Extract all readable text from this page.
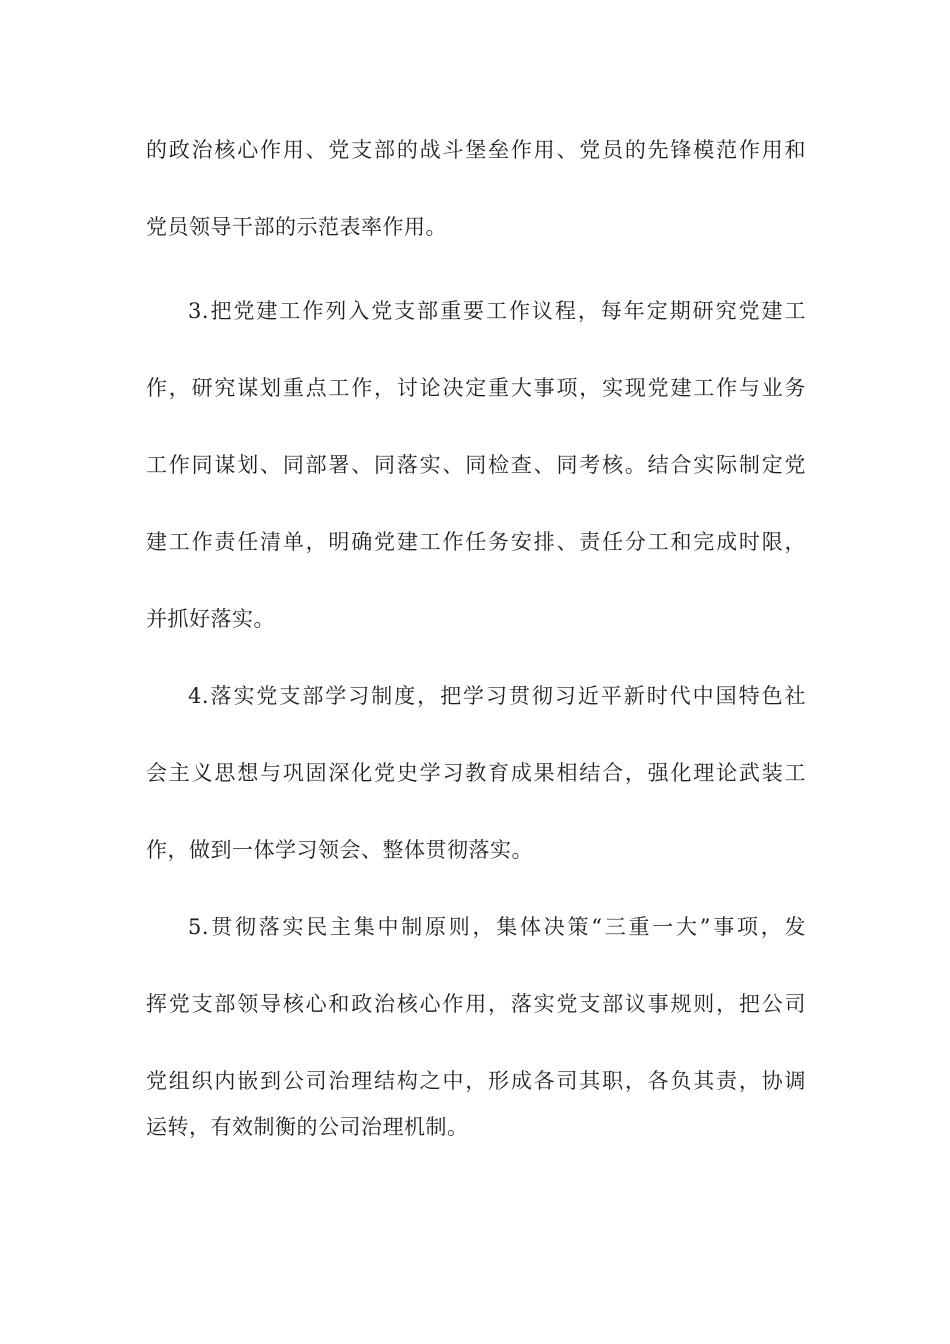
的政治核心作用、党支部的战斗堡垒作用、党员的先锋模范作用和
党员领导干部的示范表率作用。
3.把党建工作列入党支部重要工作议程，每年定期研究党建工
作，研究谋划重点工作，讨论决定重大事项，实现党建工作与业务
工作同谋划、同部署、同落实、同检查、同考核。结合实际制定党
建工作责任清单，明确党建工作任务安排、责任分工和完成时限，
并抓好落实。
4.落实党支部学习制度，把学习贯彻习近平新时代中国特色社
会主义思想与巩固深化党史学习教育成果相结合，强化理论武装工
作，做到一体学习领会、整体贯彻落实。
5.贯彻落实民主集中制原则，集体决策“三重一大”事项，发
挥党支部领导核心和政治核心作用，落实党支部议事规则，把公司
党组织内嵌到公司治理结构之中，形成各司其职，各负其责，协调
运转，有效制衡的公司治理机制。
